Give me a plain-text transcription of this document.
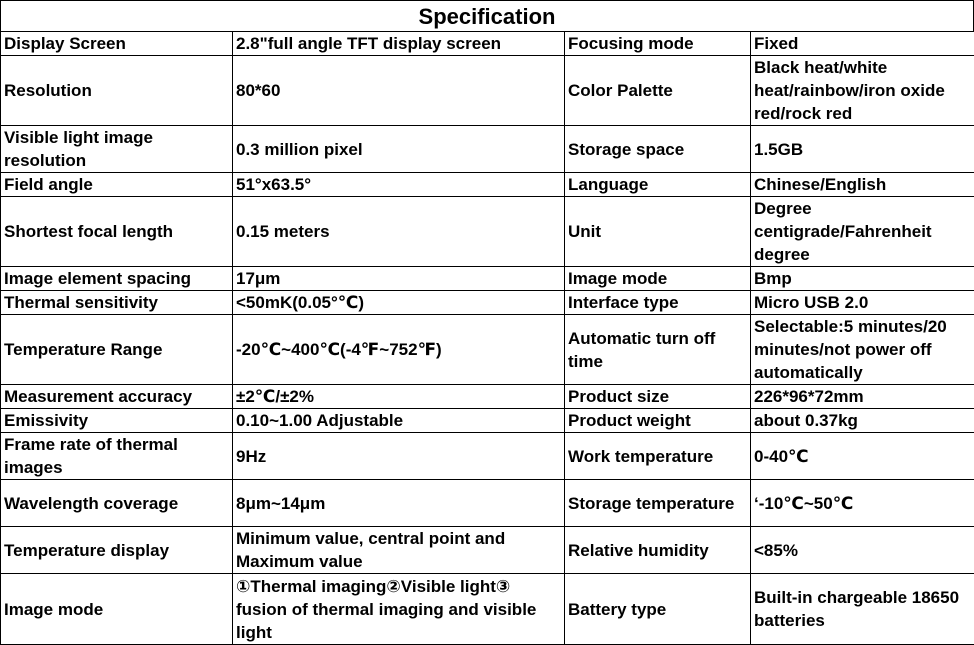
Specification
Display Screen	2.8"full angle TFT display screen	Focusing mode	Fixed
Resolution	80*60	Color Palette	Black heat/white heat/rainbow/iron oxide red/rock red
Visible light image resolution	0.3 million pixel	Storage space	1.5GB
Field angle	51°x63.5°	Language	Chinese/English
Shortest focal length	0.15 meters	Unit	Degree centigrade/Fahrenheit degree
Image element spacing	17μm	Image mode	Bmp
Thermal sensitivity	<50mK(0.05°℃)	Interface type	Micro USB 2.0
Temperature Range	-20℃~400℃(-4℉~752℉)	Automatic turn off time	Selectable:5 minutes/20 minutes/not power off automatically
Measurement accuracy	±2℃/±2%	Product size	226*96*72mm
Emissivity	0.10~1.00 Adjustable	Product weight	about 0.37kg
Frame rate of thermal images	9Hz	Work temperature	0-40℃
Wavelength coverage	8μm~14μm	Storage temperature	‘-10℃~50℃
Temperature display	Minimum value, central point and Maximum value	Relative humidity	<85%
Image mode	①Thermal imaging②Visible light③ fusion of thermal imaging and visible light	Battery type	Built-in chargeable 18650 batteries
